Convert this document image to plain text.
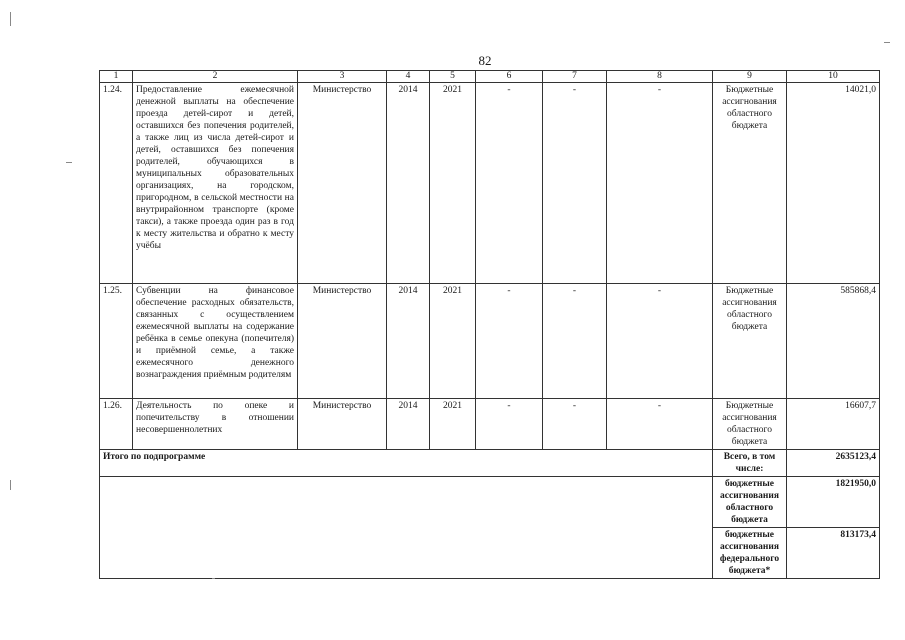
82
1	2	3	4	5	6	7	8	9	10
1.24.	Предоставление ежемесячной денежной выплаты на обеспечение проезда детей-сирот и детей, оставшихся без попечения родителей, а также лиц из числа детей-сирот и детей, оставшихся без попечения родителей, обучающихся в муниципальных образовательных организациях, на городском, пригородном, в сельской местности на внутрирайонном транспорте (кроме такси), а также проезда один раз в год к месту жительства и обратно к месту учёбы	Министерство	2014	2021	-	-	-	Бюджетные ассигнования областного бюджета	14021,0
1.25.	Субвенции на финансовое обеспечение расходных обязательств, связанных с осуществлением ежемесячной выплаты на содержание ребёнка в семье опекуна (попечителя) и приёмной семье, а также ежемесячного денежного вознаграждения приёмным родителям	Министерство	2014	2021	-	-	-	Бюджетные ассигнования областного бюджета	585868,4
1.26.	Деятельность по опеке и попечительству в отношении несовершеннолетних	Министерство	2014	2021	-	-	-	Бюджетные ассигнования областного бюджета	16607,7
Итого по подпрограмме								Всего, в том числе:	2635123,4
								бюджетные ассигнования областного бюджета	1821950,0
								бюджетные ассигнования федерального бюджета*	813173,4
